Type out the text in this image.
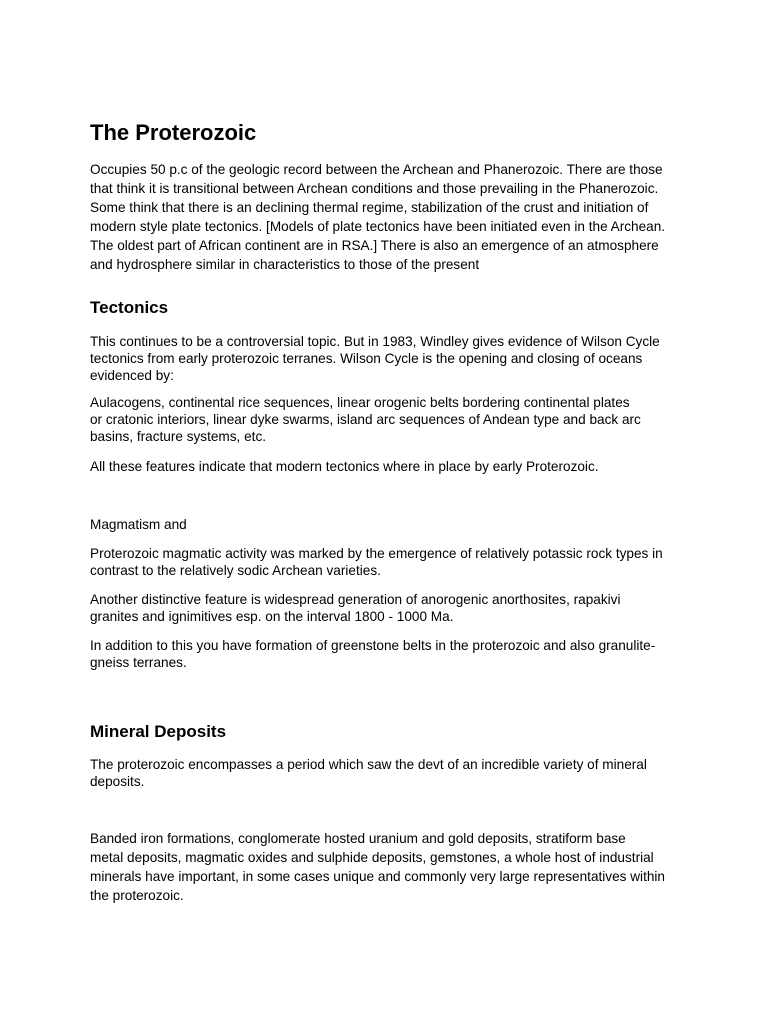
The Proterozoic

Occupies 50 p.c of the geologic record between the Archean and Phanerozoic. There are those
that think it is transitional between Archean conditions and those prevailing in the Phanerozoic.
Some think that there is an declining thermal regime, stabilization of the crust and initiation of
modern style plate tectonics. [Models of plate tectonics have been initiated even in the Archean.
The oldest part of African continent are in RSA.] There is also an emergence of an atmosphere
and hydrosphere similar in characteristics to those of the present

Tectonics

This continues to be a controversial topic. But in 1983, Windley gives evidence of Wilson Cycle
tectonics from early proterozoic terranes. Wilson Cycle is the opening and closing of oceans
evidenced by:

Aulacogens, continental rice sequences, linear orogenic belts bordering continental plates
or cratonic interiors, linear dyke swarms, island arc sequences of Andean type and back arc
basins, fracture systems, etc.

All these features indicate that modern tectonics where in place by early Proterozoic.

Magmatism and

Proterozoic magmatic activity was marked by the emergence of relatively potassic rock types in
contrast to the relatively sodic Archean varieties.

Another distinctive feature is widespread generation of anorogenic anorthosites, rapakivi
granites and ignimitives esp. on the interval 1800 - 1000 Ma.

In addition to this you have formation of greenstone belts in the proterozoic and also granulite-
gneiss terranes.

Mineral Deposits

The proterozoic encompasses a period which saw the devt of an incredible variety of mineral
deposits.

Banded iron formations, conglomerate hosted uranium and gold deposits, stratiform base
metal deposits, magmatic oxides and sulphide deposits, gemstones, a whole host of industrial
minerals have important, in some cases unique and commonly very large representatives within
the proterozoic.
